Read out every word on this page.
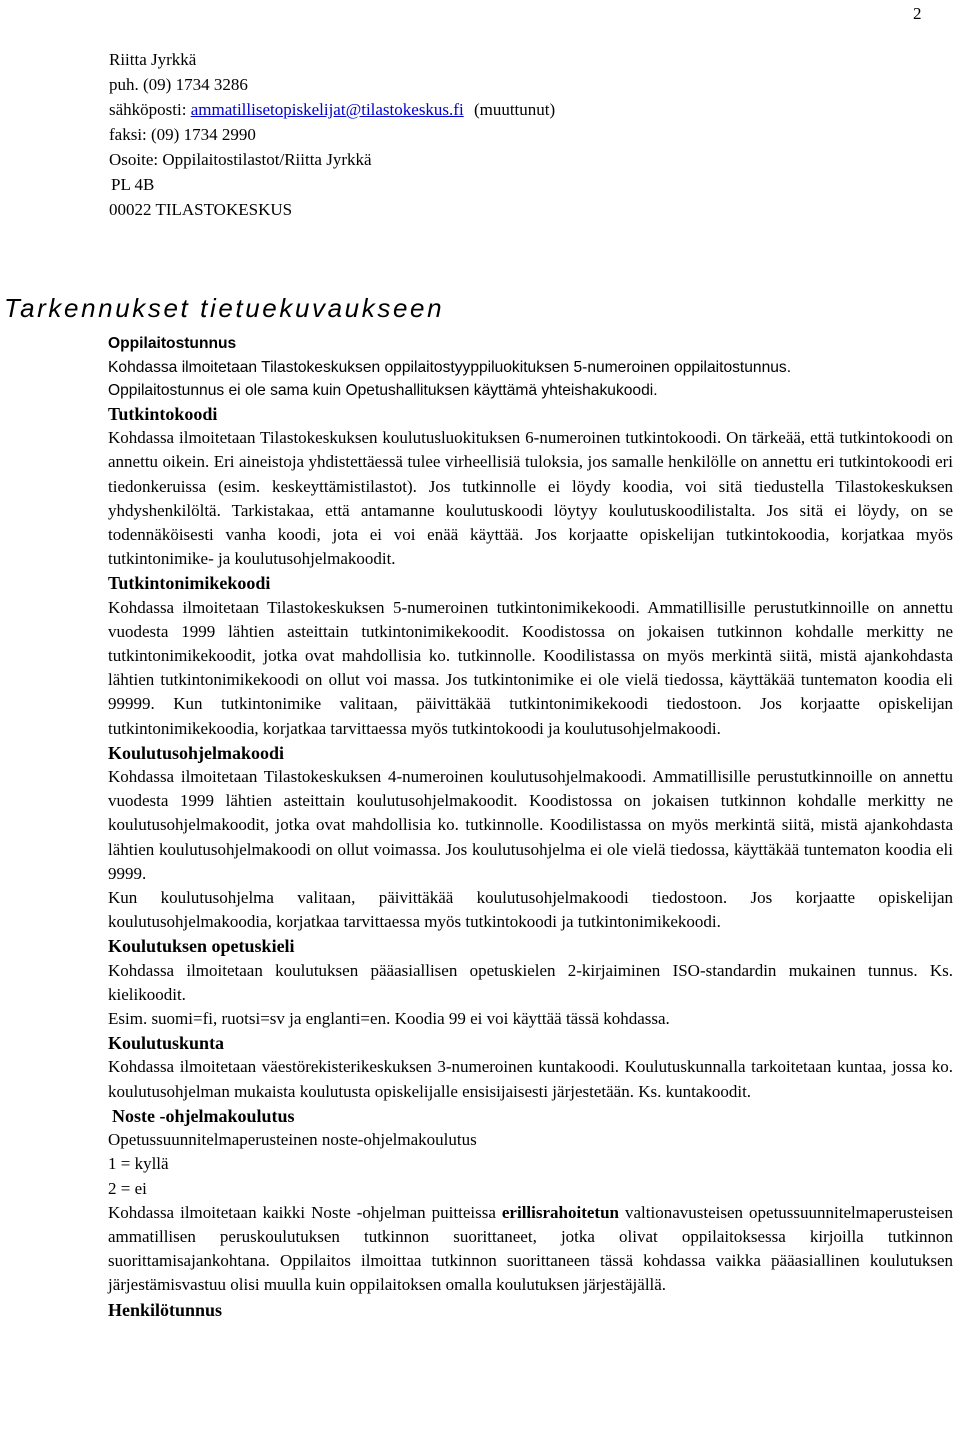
2
Riitta Jyrkkä
puh. (09) 1734 3286
sähköposti: ammatillisetopiskelijat@tilastokeskus.fi (muuttunut)
faksi: (09) 1734 2990
Osoite: Oppilaitostilastot/Riitta Jyrkkä
PL 4B
00022 TILASTOKESKUS
Tarkennukset tietuekuvaukseen
Oppilaitostunnus
Kohdassa ilmoitetaan Tilastokeskuksen oppilaitostyyppiluokituksen 5-numeroinen oppilaitostunnus.
Oppilaitostunnus ei ole sama kuin Opetushallituksen käyttämä yhteishakukoodi.
Tutkintokoodi
Kohdassa ilmoitetaan Tilastokeskuksen koulutusluokituksen 6-numeroinen tutkintokoodi. On tärkeää, että tutkintokoodi on annettu oikein. Eri aineistoja yhdistettäessä tulee virheellisiä tuloksia, jos samalle henkilölle on annettu eri tutkintokoodi eri tiedonkeruissa (esim. keskeyttämistilastot). Jos tutkinnolle ei löydy koodia, voi sitä tiedustella Tilastokeskuksen yhdyshenkilöltä. Tarkistakaa, että antamanne koulutuskoodi löytyy koulutuskoodilistalta. Jos sitä ei löydy, on se todennäköisesti vanha koodi, jota ei voi enää käyttää. Jos korjaatte opiskelijan tutkintokoodia, korjatkaa myös tutkintonimike- ja koulutusohjelmakoodit.
Tutkintonimikekoodi
Kohdassa ilmoitetaan Tilastokeskuksen 5-numeroinen tutkintonimikekoodi. Ammatillisille perustutkinnoille on annettu vuodesta 1999 lähtien asteittain tutkintonimikekoodit. Koodistossa on jokaisen tutkinnon kohdalle merkitty ne tutkintonimikekoodit, jotka ovat mahdollisia ko. tutkinnolle. Koodilistassa on myös merkintä siitä, mistä ajankohdasta lähtien tutkintonimikekoodi on ollut voi massa. Jos tutkintonimike ei ole vielä tiedossa, käyttäkää tuntematon koodia eli 99999. Kun tutkintonimike valitaan, päivittäkää tutkintonimikekoodi tiedostoon. Jos korjaatte opiskelijan tutkintonimikekoodia, korjatkaa tarvittaessa myös tutkintokoodi ja koulutusohjelmakoodi.
Koulutusohjelmakoodi
Kohdassa ilmoitetaan Tilastokeskuksen 4-numeroinen koulutusohjelmakoodi. Ammatillisille perustutkinnoille on annettu vuodesta 1999 lähtien asteittain koulutusohjelmakoodit. Koodistossa on jokaisen tutkinnon kohdalle merkitty ne koulutusohjelmakoodit, jotka ovat mahdollisia ko. tutkinnolle. Koodilistassa on myös merkintä siitä, mistä ajankohdasta lähtien koulutusohjelmakoodi on ollut voimassa. Jos koulutusohjelma ei ole vielä tiedossa, käyttäkää tuntematon koodia eli 9999.
Kun koulutusohjelma valitaan, päivittäkää koulutusohjelmakoodi tiedostoon. Jos korjaatte opiskelijan koulutusohjelmakoodia, korjatkaa tarvittaessa myös tutkintokoodi ja tutkintonimikekoodi.
Koulutuksen opetuskieli
Kohdassa ilmoitetaan koulutuksen pääasiallisen opetuskielen 2-kirjaiminen ISO-standardin mukainen tunnus. Ks. kielikoodit.
Esim. suomi=fi, ruotsi=sv ja englanti=en. Koodia 99 ei voi käyttää tässä kohdassa.
Koulutuskunta
Kohdassa ilmoitetaan väestörekisterikeskuksen 3-numeroinen kuntakoodi. Koulutuskunnalla tarkoitetaan kuntaa, jossa ko. koulutusohjelman mukaista koulutusta opiskelijalle ensisijaisesti järjestetään. Ks. kuntakoodit.
Noste -ohjelmakoulutus
Opetussuunnitelmaperusteinen noste-ohjelmakoulutus
1 = kyllä
2 = ei
Kohdassa ilmoitetaan kaikki Noste -ohjelman puitteissa erillisrahoitetun valtionavusteisen opetussuunnitelmaperusteisen ammatillisen peruskoulutuksen tutkinnon suorittaneet, jotka olivat oppilaitoksessa kirjoilla tutkinnon suorittamisajankohtana. Oppilaitos ilmoittaa tutkinnon suorittaneen tässä kohdassa vaikka pääasiallinen koulutuksen järjestämisvastuu olisi muulla kuin oppilaitoksen omalla koulutuksen järjestäjällä.
Henkilötunnus
